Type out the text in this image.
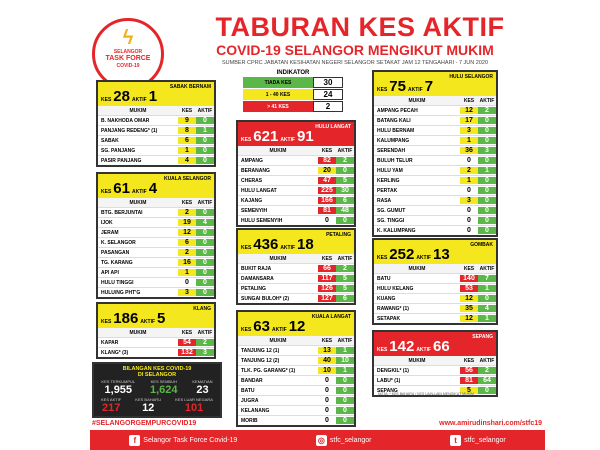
ϟ
SELANGOR
TASK FORCE
COVID-19
TABURAN KES AKTIF
COVID-19 SELANGOR MENGIKUT MUKIM
SUMBER CPRC JABATAN KESIHATAN NEGERI SELANGOR SETAKAT JAM 12 TENGAHARI - 7 JUN 2020
INDIKATOR
TIADA KES	30
1 - 40 KES	24
> 41 KES	2
SABAK BERNAM
KES 28 AKTIF 1
MUKIM	KES	AKTIF
B. NAKHODA OMAR	9	0
PANJANG REDENG* (1)	8	1
SABAK	6	0
SG. PANJANG	1	0
PASIR PANJANG	4	0
KUALA SELANGOR
KES 61 AKTIF 4
MUKIM	KES	AKTIF
BTG. BERJUNTAI	2	0
IJOK	19	4
JERAM	12	0
K. SELANGOR	6	0
PASANGAN	2	0
TG. KARANG	16	0
API API	1	0
HULU TINGGI	0	0
HULU/NG PHT'G	3	0
KLANG
KES 186 AKTIF 5
MUKIM	KES	AKTIF
KAPAR	54	2
KLANG* (3)	132	3
HULU LANGAT
KES 621 AKTIF 91
MUKIM	KES	AKTIF
AMPANG	82	2
BERANANG	20	0
CHERAS	47	5
HULU LANGAT	225	30
KAJANG	166	6
SEMENYIH	81	48
HULU SEMENYIH	0	0
PETALING
KES 436 AKTIF 18
MUKIM	KES	AKTIF
BUKIT RAJA	66	2
DAMANSARA	117	5
PETALING	126	5
SUNGAI BULOH* (2)	127	6
KUALA LANGAT
KES 63 AKTIF 12
MUKIM	KES	AKTIF
TANJUNG 12 (1)	13	1
TANJUNG 12 (2)	40	10
TLK. PG. GARANG* (1)	10	1
BANDAR	0	0
BATU	0	0
JUGRA	0	0
KELANANG	0	0
MORIB	0	0
HULU SELANGOR
KES 75 AKTIF 7
MUKIM	KES	AKTIF
AMPANG PECAH	12	2
BATANG KALI	17	0
HULU BERNAM	3	0
KALUMPANG	1	0
SERENDAH	36	3
BULUH TELUR	0	0
HULU YAM	2	1
KERLING	1	0
PERTAK	0	0
RASA	3	0
SG. GUMUT	0	0
SG. TINGGI	0	0
K. KALUMPANG	0	0
GOMBAK
KES 252 AKTIF 13
MUKIM	KES	AKTIF
BATU	140	7
HULU KELANG	53	1
KUANG	12	0
RAWANG* (1)	35	4
SETAPAK	12	1
SEPANG
KES 142 AKTIF 66
MUKIM	KES	AKTIF
DENGKIL* (1)	56	2
LABU* (1)	81	64
SEPANG	5	0
BILANGAN KES COVID-19
DI SELANGOR
KES TERKUMPUL
1,955
KES SEMBUH
1,624
KEMATIAN
23
KES AKTIF
217
KES BAHARU
12
KES LUAR NEGARA
101
NOTA: * KES BAHARU / KES LAIN-LAIN MENGIKUT MUKIM
#SELANGORGEMPURCOVID19	www.amirudinshari.com/stfc19
f	Selangor Task Force Covid-19	◎ stfc_selangor	t	stfc_selangor
